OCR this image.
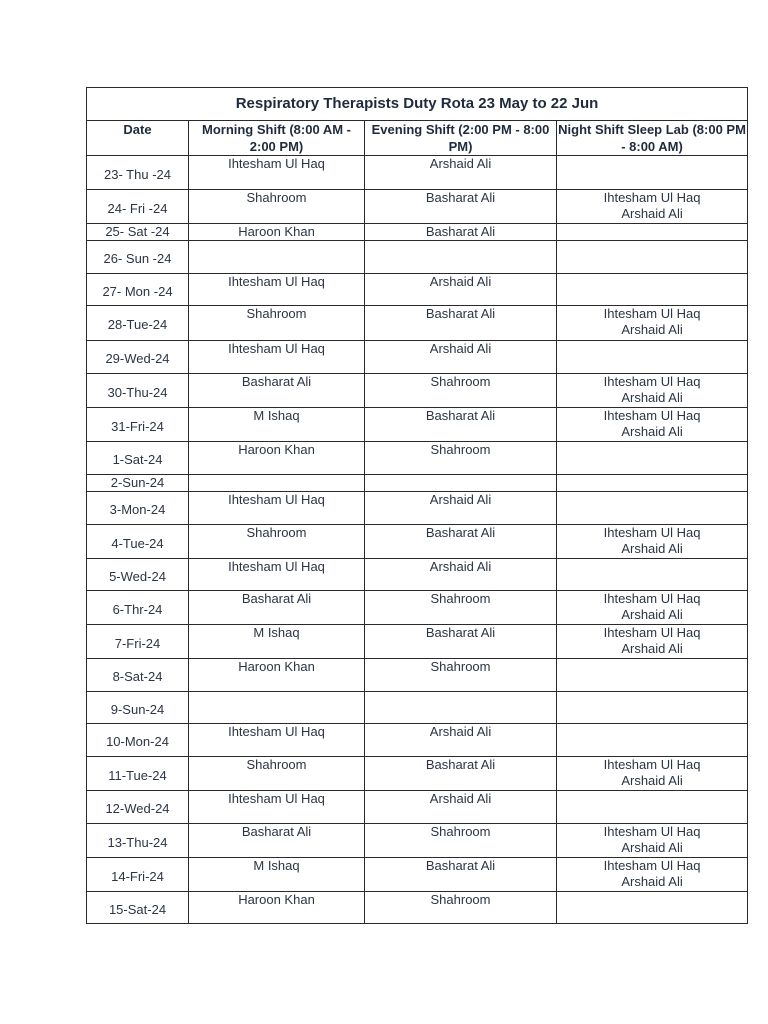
Respiratory Therapists Duty Rota 23 May to 22 Jun			
Date	Morning Shift (8:00 AM - 2:00 PM)	Evening Shift (2:00 PM - 8:00 PM)	Night Shift Sleep Lab (8:00 PM - 8:00 AM)
23- Thu -24	Ihtesham Ul Haq	Arshaid Ali	

24- Fri -24	Shahroom	Basharat Ali	Ihtesham Ul Haq
Arshaid Ali

25- Sat -24	Haroon Khan	Basharat Ali	

26- Sun -24			
27- Mon -24	Ihtesham Ul Haq	Arshaid Ali	

28-Tue-24	Shahroom	Basharat Ali	Ihtesham Ul Haq
Arshaid Ali

29-Wed-24	Ihtesham Ul Haq	Arshaid Ali	

30-Thu-24	Basharat Ali	Shahroom	Ihtesham Ul Haq
Arshaid Ali

31-Fri-24	M Ishaq	Basharat Ali	Ihtesham Ul Haq
Arshaid Ali

1-Sat-24	Haroon Khan	Shahroom	

2-Sun-24			
3-Mon-24	Ihtesham Ul Haq	Arshaid Ali	

4-Tue-24	Shahroom	Basharat Ali	Ihtesham Ul Haq
Arshaid Ali

5-Wed-24	Ihtesham Ul Haq	Arshaid Ali	

6-Thr-24	Basharat Ali	Shahroom	Ihtesham Ul Haq
Arshaid Ali

7-Fri-24	M Ishaq	Basharat Ali	Ihtesham Ul Haq
Arshaid Ali

8-Sat-24	Haroon Khan	Shahroom	

9-Sun-24			
10-Mon-24	Ihtesham Ul Haq	Arshaid Ali	

11-Tue-24	Shahroom	Basharat Ali	Ihtesham Ul Haq
Arshaid Ali

12-Wed-24	Ihtesham Ul Haq	Arshaid Ali	

13-Thu-24	Basharat Ali	Shahroom	Ihtesham Ul Haq
Arshaid Ali

14-Fri-24	M Ishaq	Basharat Ali	Ihtesham Ul Haq
Arshaid Ali

15-Sat-24	Haroon Khan	Shahroom	
